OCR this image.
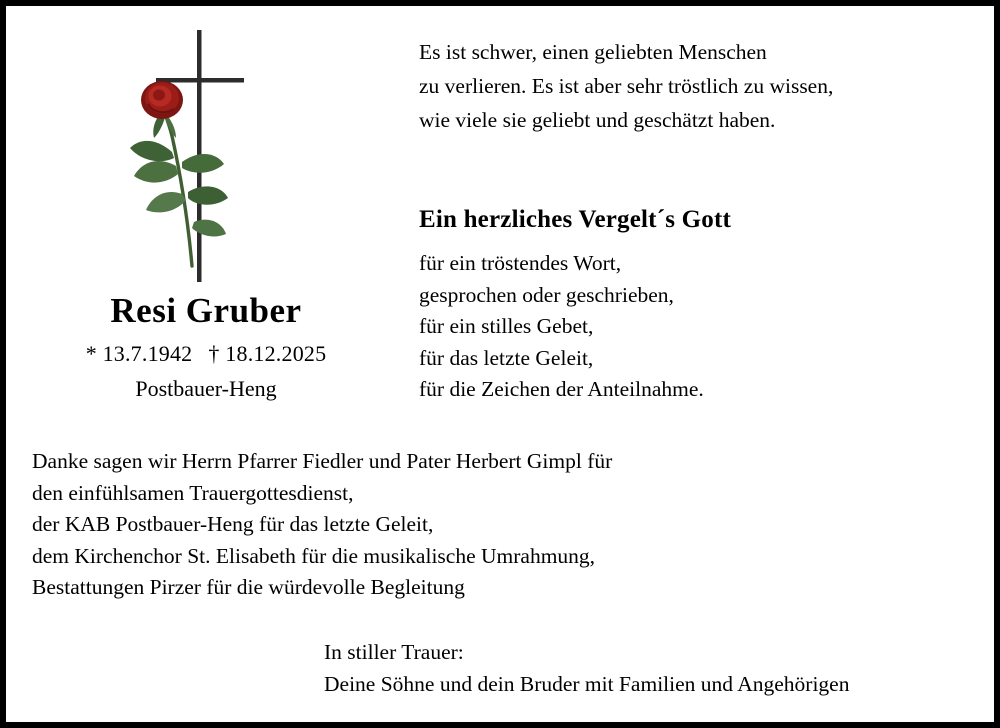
Resi Gruber
* 13.7.1942 † 18.12.2025
Postbauer-Heng
Es ist schwer, einen geliebten Menschen
zu verlieren. Es ist aber sehr tröstlich zu wissen,
wie viele sie geliebt und geschätzt haben.
Ein herzliches Vergelt´s Gott
für ein tröstendes Wort,
gesprochen oder geschrieben,
für ein stilles Gebet,
für das letzte Geleit,
für die Zeichen der Anteilnahme.
Danke sagen wir Herrn Pfarrer Fiedler und Pater Herbert Gimpl für
den einfühlsamen Trauergottesdienst,
der KAB Postbauer-Heng für das letzte Geleit,
dem Kirchenchor St. Elisabeth für die musikalische Umrahmung,
Bestattungen Pirzer für die würdevolle Begleitung
In stiller Trauer:
Deine Söhne und dein Bruder mit Familien und Angehörigen
